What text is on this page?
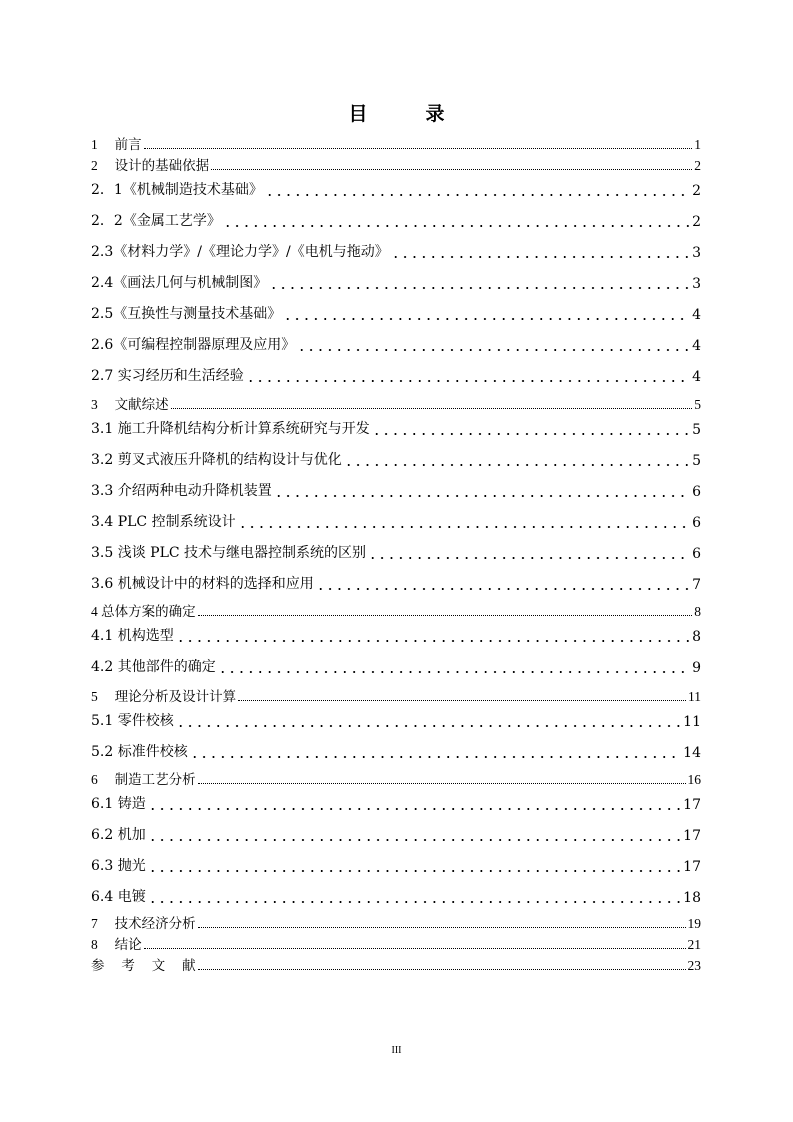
目	录
1　 前言	1
2　 设计的基础依据	2
2．1《机械制造技术基础》	2
2．2《金属工艺学》	2
2.3《材料力学》/《理论力学》/《电机与拖动》	3
2.4《画法几何与机械制图》	3
2.5《互换性与测量技术基础》	4
2.6《可编程控制器原理及应用》	4
2.7 实习经历和生活经验	4
3　 文献综述	5
3.1 施工升降机结构分析计算系统研究与开发	5
3.2 剪叉式液压升降机的结构设计与优化	5
3.3 介绍两种电动升降机装置	6
3.4 PLC 控制系统设计	6
3.5 浅谈 PLC 技术与继电器控制系统的区别	6
3.6 机械设计中的材料的选择和应用	7
4 总体方案的确定	8
4.1 机构选型	8
4.2 其他部件的确定	9
5　 理论分析及设计计算	11
5.1 零件校核	11
5.2 标准件校核	14
6　 制造工艺分析	16
6.1 铸造	17
6.2 机加	17
6.3 抛光	17
6.4 电镀	18
7　 技术经济分析	19
8　 结论	21
参　 考　 文　 献	23
III
